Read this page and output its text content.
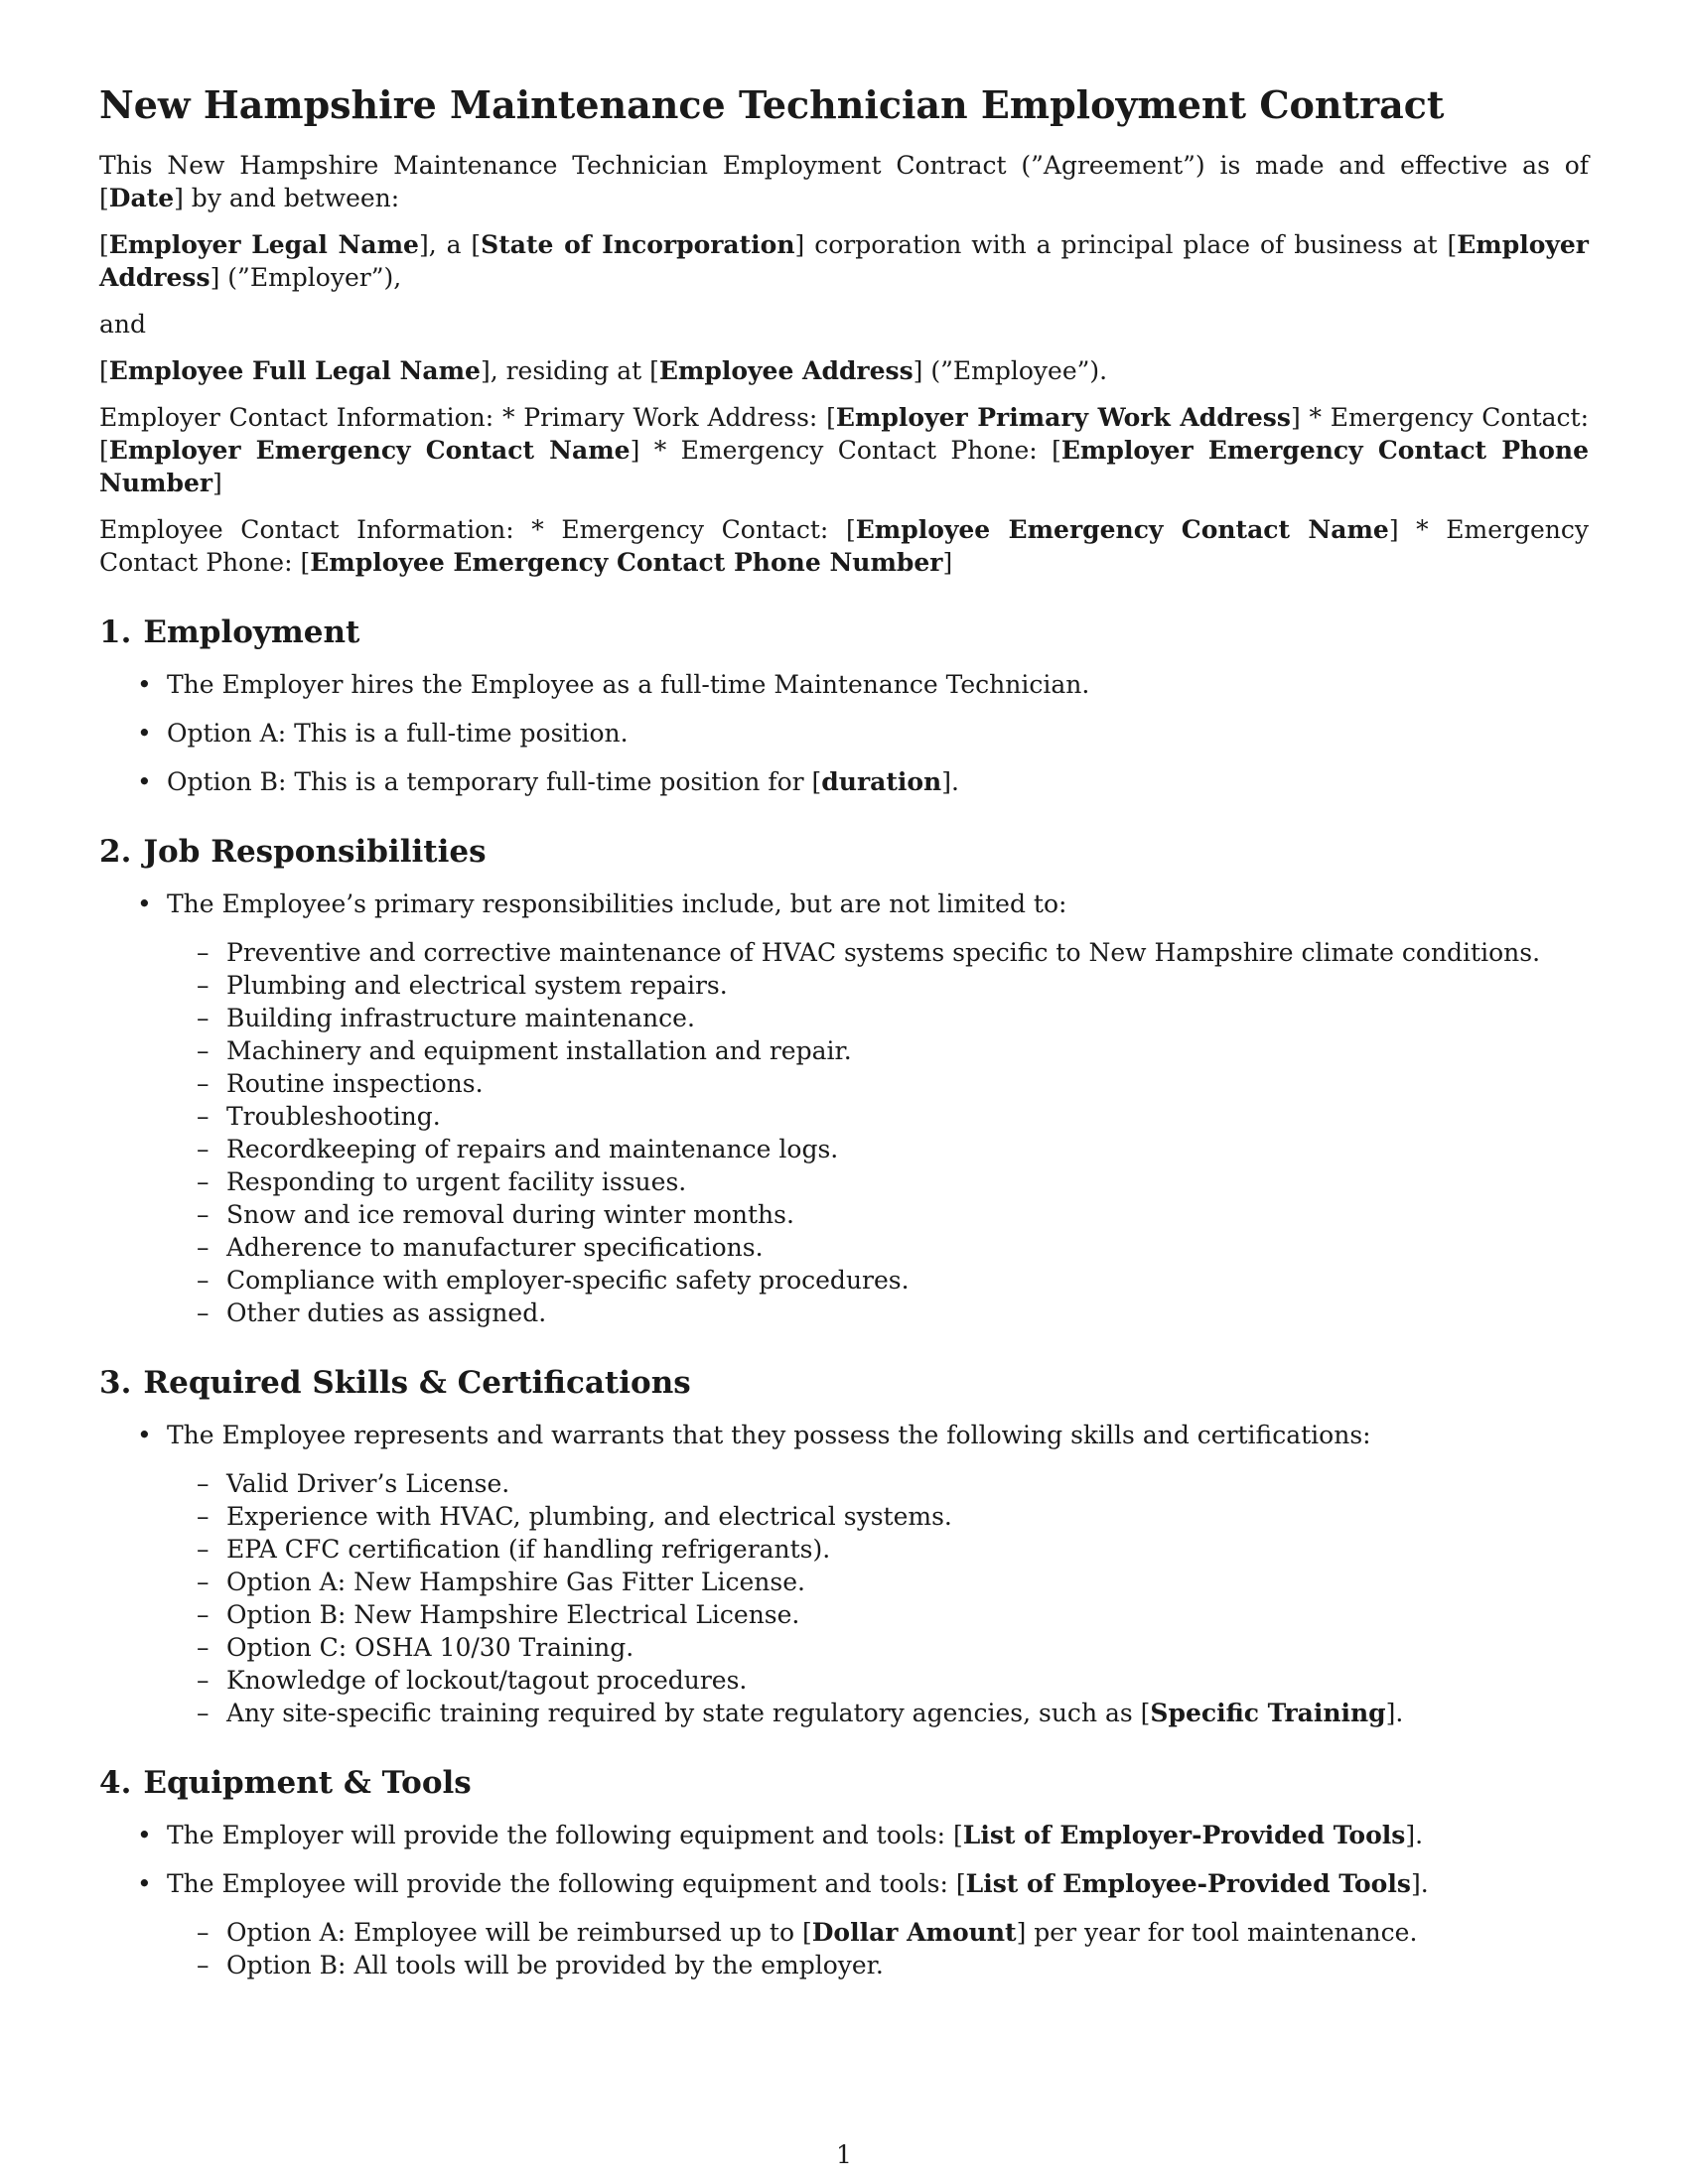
New Hampshire Maintenance Technician Employment Contract

This New Hampshire Maintenance Technician Employment Contract (”Agreement”) is made and effective as of [Date] by and between:

[Employer Legal Name], a [State of Incorporation] corporation with a principal place of business at [Employer Address] (”Employer”),

and

[Employee Full Legal Name], residing at [Employee Address] (”Employee”).

Employer Contact Information: * Primary Work Address: [Employer Primary Work Address] * Emergency Contact: [Employer Emergency Contact Name] * Emergency Contact Phone: [Employer Emergency Contact Phone Number]

Employee Contact Information: * Emergency Contact: [Employee Emergency Contact Name] * Emergency Contact Phone: [Employee Emergency Contact Phone Number]

1. Employment
• The Employer hires the Employee as a full-time Maintenance Technician.
• Option A: This is a full-time position.
• Option B: This is a temporary full-time position for [duration].
2. Job Responsibilities
• The Employee’s primary responsibilities include, but are not limited to:
– Preventive and corrective maintenance of HVAC systems specific to New Hampshire climate conditions.
– Plumbing and electrical system repairs.
– Building infrastructure maintenance.
– Machinery and equipment installation and repair.
– Routine inspections.
– Troubleshooting.
– Recordkeeping of repairs and maintenance logs.
– Responding to urgent facility issues.
– Snow and ice removal during winter months.
– Adherence to manufacturer specifications.
– Compliance with employer-specific safety procedures.
– Other duties as assigned.
3. Required Skills & Certifications
• The Employee represents and warrants that they possess the following skills and certifications:
– Valid Driver’s License.
– Experience with HVAC, plumbing, and electrical systems.
– EPA CFC certification (if handling refrigerants).
– Option A: New Hampshire Gas Fitter License.
– Option B: New Hampshire Electrical License.
– Option C: OSHA 10/30 Training.
– Knowledge of lockout/tagout procedures.
– Any site-specific training required by state regulatory agencies, such as [Specific Training].
4. Equipment & Tools
• The Employer will provide the following equipment and tools: [List of Employer-Provided Tools].
• The Employee will provide the following equipment and tools: [List of Employee-Provided Tools].
– Option A: Employee will be reimbursed up to [Dollar Amount] per year for tool maintenance.
– Option B: All tools will be provided by the employer.
1
